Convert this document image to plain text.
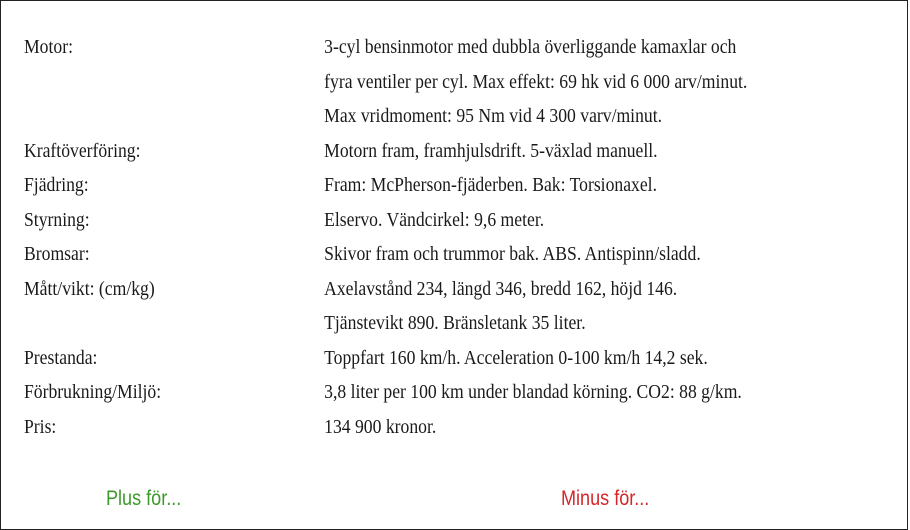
Motor:	3-cyl bensinmotor med dubbla överliggande kamaxlar och
fyra ventiler per cyl. Max effekt: 69 hk vid 6 000 arv/minut.
Max vridmoment: 95 Nm vid 4 300 varv/minut.
Kraftöverföring:	Motorn fram, framhjulsdrift. 5-växlad manuell.
Fjädring:	Fram: McPherson-fjäderben. Bak: Torsionaxel.
Styrning:	Elservo. Vändcirkel: 9,6 meter.
Bromsar:	Skivor fram och trummor bak. ABS. Antispinn/sladd.
Mått/vikt: (cm/kg)	Axelavstånd 234, längd 346, bredd 162, höjd 146.
Tjänstevikt 890. Bränsletank 35 liter.
Prestanda:	Toppfart 160 km/h. Acceleration 0-100 km/h 14,2 sek.
Förbrukning/Miljö:	3,8 liter per 100 km under blandad körning. CO2: 88 g/km.
Pris:	134 900 kronor.
Plus för...	Minus för...
